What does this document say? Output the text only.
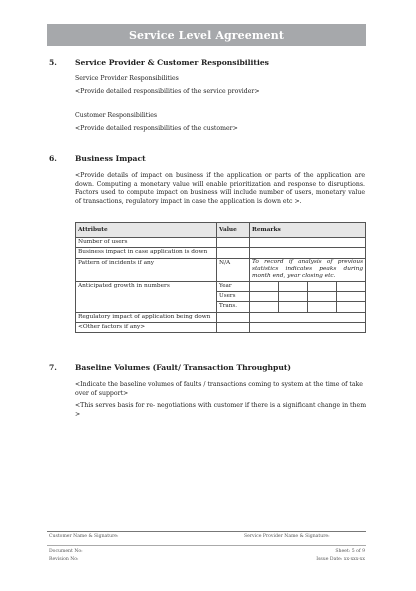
Service Level Agreement
5. Service Provider & Customer Responsibilities
Service Provider Responsibilities
<Provide detailed responsibilities of the service provider>
Customer Responsibilities
<Provide detailed responsibilities of the customer>
6. Business Impact
<Provide details of impact on business if the application or parts of the application are down. Computing a monetary value will enable prioritization and response to disruptions. Factors used to compute impact on business will include number of users, monetary value of transactions, regulatory impact in case the application is down etc >.
Attribute	Value	Remarks			
Number of users					
Business impact in case application is down					
Pattern of incidents if any	N/A	To record if analysis of previous statistics indicates peaks during month end, year closing etc.			
Anticipated growth in numbers	Year				
	Users				
	Trans.				
Regulatory impact of application being down					
<Other factors if any>					
7. Baseline Volumes (Fault/ Transaction Throughput)
<Indicate the baseline volumes of faults / transactions coming to system at the time of take over of support>
<This serves basis for re- negotiations with customer if there is a significant change in them >
Customer Name & Signature:	Service Provider Name & Signature:
Document No:
Revision No:
Sheet: 5 of 9
Issue Date: xx-xxx-xx
